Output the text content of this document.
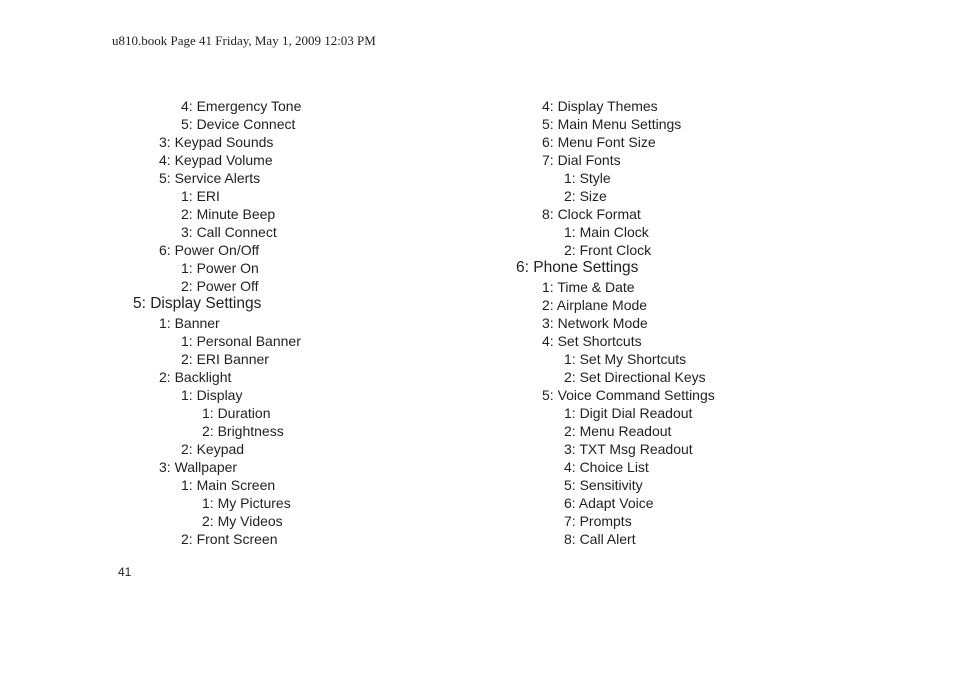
u810.book Page 41 Friday, May 1, 2009 12:03 PM
4: Emergency Tone
5: Device Connect
3: Keypad Sounds
4: Keypad Volume
5: Service Alerts
1: ERI
2: Minute Beep
3: Call Connect
6: Power On/Off
1: Power On
2: Power Off
5: Display Settings
1: Banner
1: Personal Banner
2: ERI Banner
2: Backlight
1: Display
1: Duration
2: Brightness
2: Keypad
3: Wallpaper
1: Main Screen
1: My Pictures
2: My Videos
2: Front Screen
4: Display Themes
5: Main Menu Settings
6: Menu Font Size
7: Dial Fonts
1: Style
2: Size
8: Clock Format
1: Main Clock
2: Front Clock
6: Phone Settings
1: Time & Date
2: Airplane Mode
3: Network Mode
4: Set Shortcuts
1: Set My Shortcuts
2: Set Directional Keys
5: Voice Command Settings
1: Digit Dial Readout
2: Menu Readout
3: TXT Msg Readout
4: Choice List
5: Sensitivity
6: Adapt Voice
7: Prompts
8: Call Alert
41
